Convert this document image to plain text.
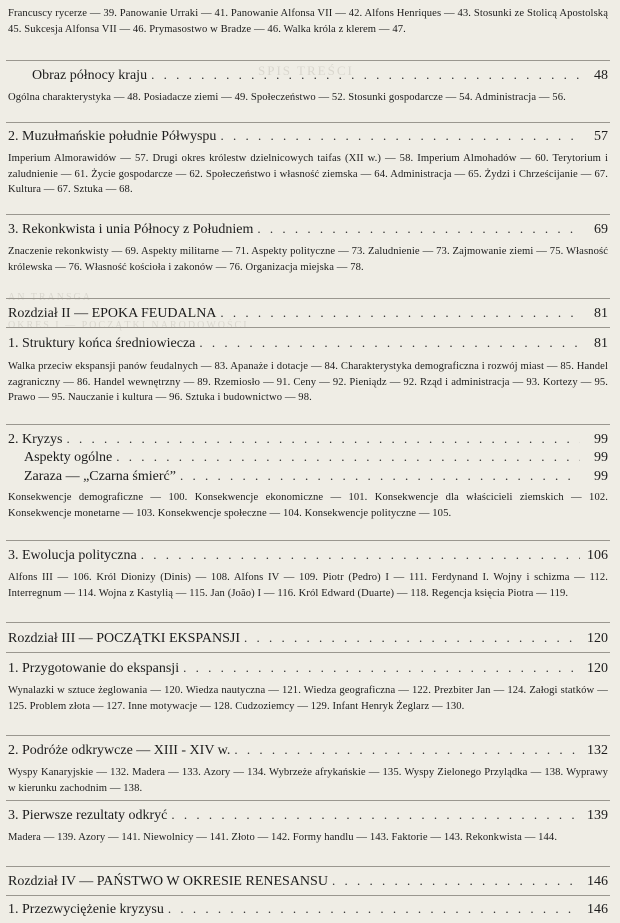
SPIS TREŚCI
AN TRANSGA
OKRES I — POCZĄTKI NARODOWOŚCI

Francuscy rycerze — 39. Panowanie Urraki — 41. Panowanie Alfonsa VII — 42. Alfons Henriques — 43. Stosunki ze Stolicą Apostolską 45. Sukcesja Alfonsa VII — 46. Prymasostwo w Bradze — 46. Walka króla z klerem — 47.

Obraz północy kraju . . .	48

Ogólna charakterystyka — 48. Posiadacze ziemi — 49. Społeczeństwo — 52. Stosunki gospodarcze — 54. Administracja — 56.

2. Muzułmańskie południe Półwyspu . . .	57

Imperium Almorawidów — 57. Drugi okres królestw dzielnicowych taifas (XII w.) — 58. Imperium Almohadów — 60. Terytorium i zaludnienie — 61. Życie gospodarcze — 62. Społeczeństwo i własność ziemska — 64. Administracja — 65. Żydzi i Chrześcijanie — 67. Kultura — 67. Sztuka — 68.

3. Rekonkwista i unia Północy z Południem . . .	69

Znaczenie rekonkwisty — 69. Aspekty militarne — 71. Aspekty polityczne — 73. Zaludnienie — 73. Zajmowanie ziemi — 75. Własność królewska — 76. Własność kościoła i zakonów — 76. Organizacja miejska — 78.

Rozdział II — EPOKA FEUDALNA . . .	81
1. Struktury końca średniowiecza . . .	81

Walka przeciw ekspansji panów feudalnych — 83. Apanaże i dotacje — 84. Charakterystyka demograficzna i rozwój miast — 85. Handel zagraniczny — 86. Handel wewnętrzny — 89. Rzemiosło — 91. Ceny — 92. Pieniądz — 92. Rząd i administracja — 93. Kortezy — 95. Prawo — 95. Nauczanie i kultura — 96. Sztuka i budownictwo — 98.

2. Kryzys . . .	99
Aspekty ogólne . . .	99
Zaraza — „Czarna śmierć” . . .	99

Konsekwencje demograficzne — 100. Konsekwencje ekonomiczne — 101. Konsekwencje dla właścicieli ziemskich — 102. Konsekwencje monetarne — 103. Konsekwencje społeczne — 104. Konsekwencje polityczne — 105.

3. Ewolucja polityczna . . .	106

Alfons III — 106. Król Dionizy (Dinis) — 108. Alfons IV — 109. Piotr (Pedro) I — 111. Ferdynand I. Wojny i schizma — 112. Interregnum — 114. Wojna z Kastylią — 115. Jan (João) I — 116. Król Edward (Duarte) — 118. Regencja księcia Piotra — 119.

Rozdział III — POCZĄTKI EKSPANSJI . . .	120
1. Przygotowanie do ekspansji . . .	120

Wynalazki w sztuce żeglowania — 120. Wiedza nautyczna — 121. Wiedza geograficzna — 122. Prezbiter Jan — 124. Załogi statków — 125. Problem złota — 127. Inne motywacje — 128. Cudzoziemcy — 129. Infant Henryk Żeglarz — 130.

2. Podróże odkrywcze — XIII - XIV w. . . .	132

Wyspy Kanaryjskie — 132. Madera — 133. Azory — 134. Wybrzeże afrykańskie — 135. Wyspy Zielonego Przylądka — 138. Wyprawy w kierunku zachodnim — 138.

3. Pierwsze rezultaty odkryć . . .	139

Madera — 139. Azory — 141. Niewolnicy — 141. Złoto — 142. Formy handlu — 143. Faktorie — 143. Rekonkwista — 144.

Rozdział IV — PAŃSTWO W OKRESIE RENESANSU . . .	146
1. Przezwyciężenie kryzysu . . .	146
